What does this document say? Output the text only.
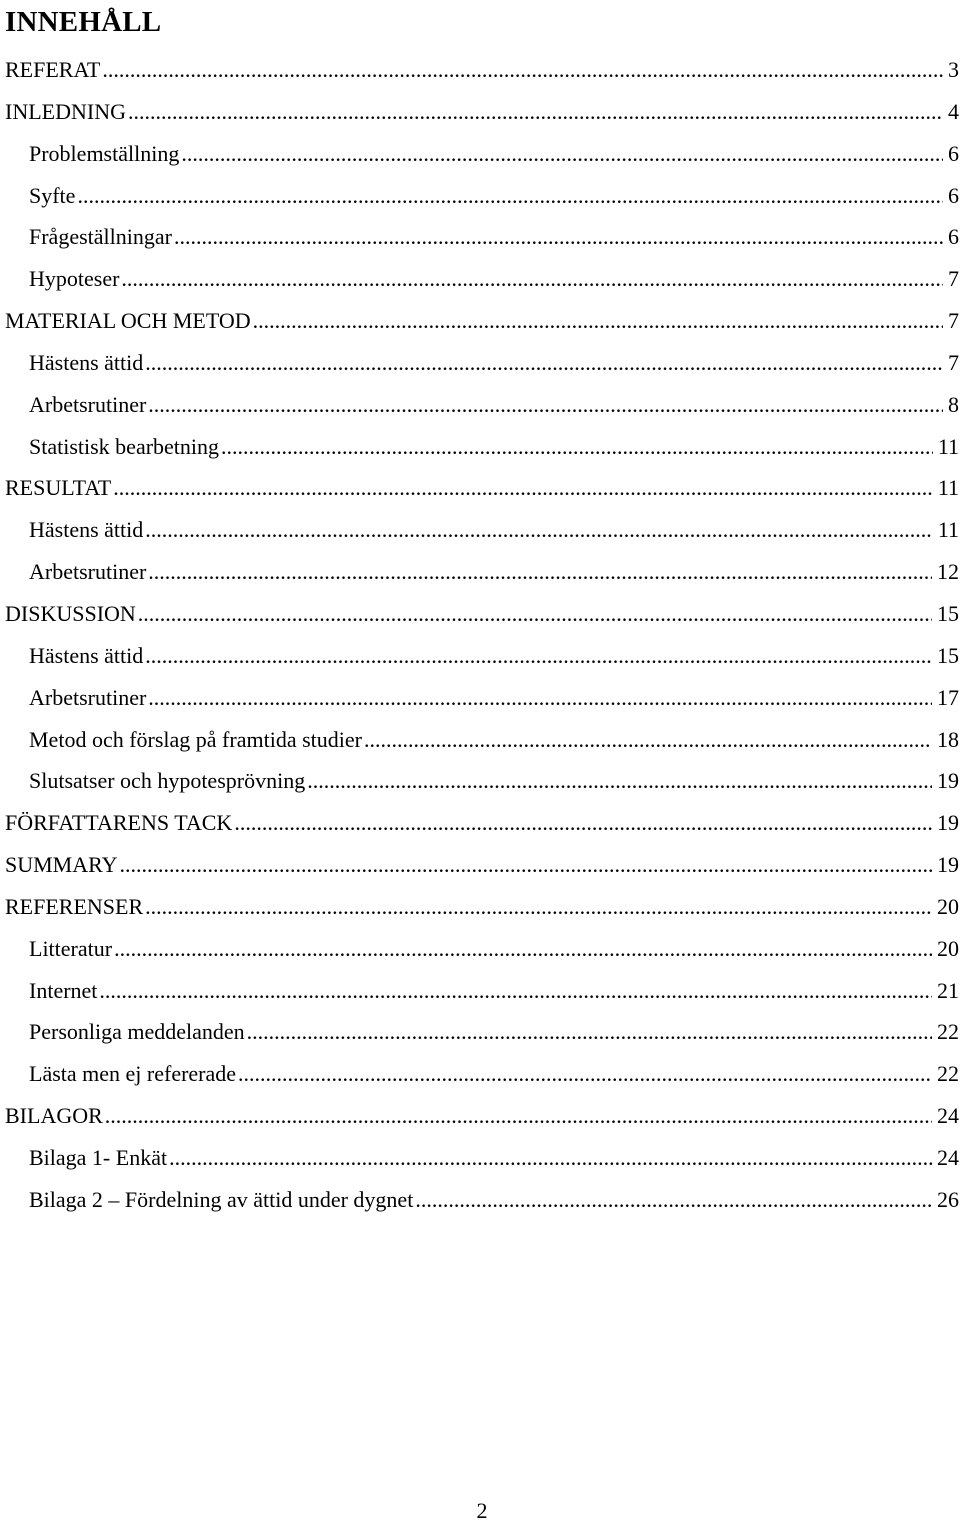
INNEHÅLL
REFERAT .....	3
INLEDNING .....	4
Problemställning .....	6
Syfte .....	6
Frågeställningar .....	6
Hypoteser .....	7
MATERIAL OCH METOD .....	7
Hästens ättid .....	7
Arbetsrutiner .....	8
Statistisk bearbetning .....	11
RESULTAT .....	11
Hästens ättid .....	11
Arbetsrutiner .....	12
DISKUSSION .....	15
Hästens ättid .....	15
Arbetsrutiner .....	17
Metod och förslag på framtida studier .....	18
Slutsatser och hypotesprövning .....	19
FÖRFATTARENS TACK .....	19
SUMMARY .....	19
REFERENSER .....	20
Litteratur .....	20
Internet .....	21
Personliga meddelanden .....	22
Lästa men ej refererade .....	22
BILAGOR .....	24
Bilaga 1- Enkät .....	24
Bilaga 2 – Fördelning av ättid under dygnet .....	26
2
